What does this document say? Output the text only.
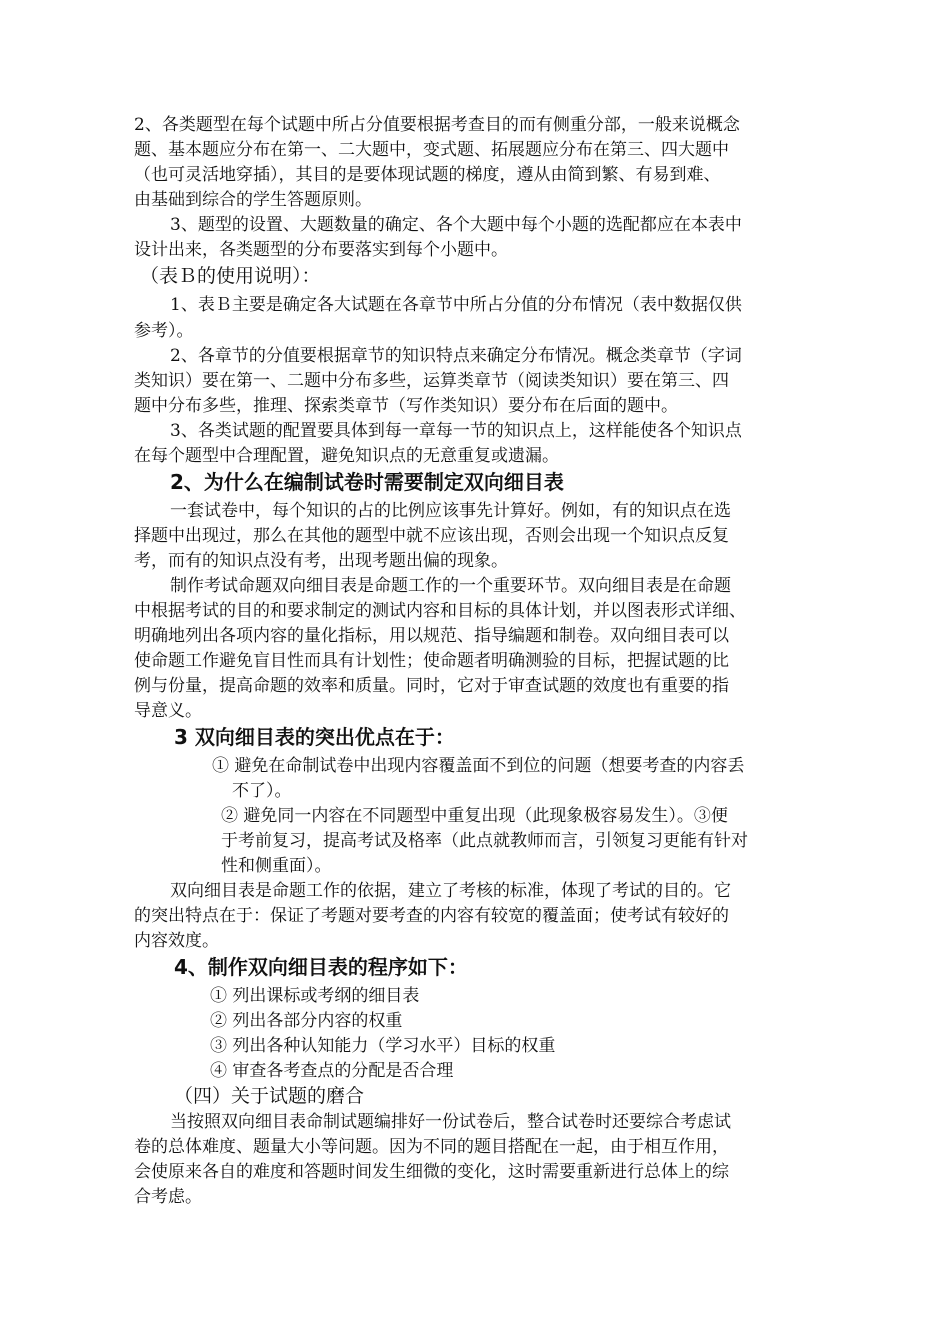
2、各类题型在每个试题中所占分值要根据考查目的而有侧重分部，一般来说概念
题、基本题应分布在第一、二大题中，变式题、拓展题应分布在第三、四大题中
（也可灵活地穿插），其目的是要体现试题的梯度，遵从由简到繁、有易到难、
由基础到综合的学生答题原则。
3、题型的设置、大题数量的确定、各个大题中每个小题的选配都应在本表中
设计出来，各类题型的分布要落实到每个小题中。
（表Ｂ的使用说明）：
1、表Ｂ主要是确定各大试题在各章节中所占分值的分布情况（表中数据仅供
参考）。
2、各章节的分值要根据章节的知识特点来确定分布情况。概念类章节（字词
类知识）要在第一、二题中分布多些，运算类章节（阅读类知识）要在第三、四
题中分布多些，推理、探索类章节（写作类知识）要分布在后面的题中。
3、各类试题的配置要具体到每一章每一节的知识点上，这样能使各个知识点
在每个题型中合理配置，避免知识点的无意重复或遗漏。
2、为什么在编制试卷时需要制定双向细目表
一套试卷中，每个知识的占的比例应该事先计算好。例如，有的知识点在选
择题中出现过，那么在其他的题型中就不应该出现，否则会出现一个知识点反复
考，而有的知识点没有考，出现考题出偏的现象。
制作考试命题双向细目表是命题工作的一个重要环节。双向细目表是在命题
中根据考试的目的和要求制定的测试内容和目标的具体计划，并以图表形式详细、
明确地列出各项内容的量化指标，用以规范、指导编题和制卷。双向细目表可以
使命题工作避免盲目性而具有计划性；使命题者明确测验的目标，把握试题的比
例与份量，提高命题的效率和质量。同时，它对于审查试题的效度也有重要的指
导意义。
3 双向细目表的突出优点在于：
① 避免在命制试卷中出现内容覆盖面不到位的问题（想要考查的内容丢
不了）。
② 避免同一内容在不同题型中重复出现（此现象极容易发生）。③便
于考前复习，提高考试及格率（此点就教师而言，引领复习更能有针对
性和侧重面）。
双向细目表是命题工作的依据，建立了考核的标准，体现了考试的目的。它
的突出特点在于：保证了考题对要考查的内容有较宽的覆盖面；使考试有较好的
内容效度。
4、制作双向细目表的程序如下：
① 列出课标或考纲的细目表
② 列出各部分内容的权重
③ 列出各种认知能力（学习水平）目标的权重
④ 审查各考查点的分配是否合理
（四）关于试题的磨合
当按照双向细目表命制试题编排好一份试卷后，整合试卷时还要综合考虑试
卷的总体难度、题量大小等问题。因为不同的题目搭配在一起，由于相互作用，
会使原来各自的难度和答题时间发生细微的变化，这时需要重新进行总体上的综
合考虑。
